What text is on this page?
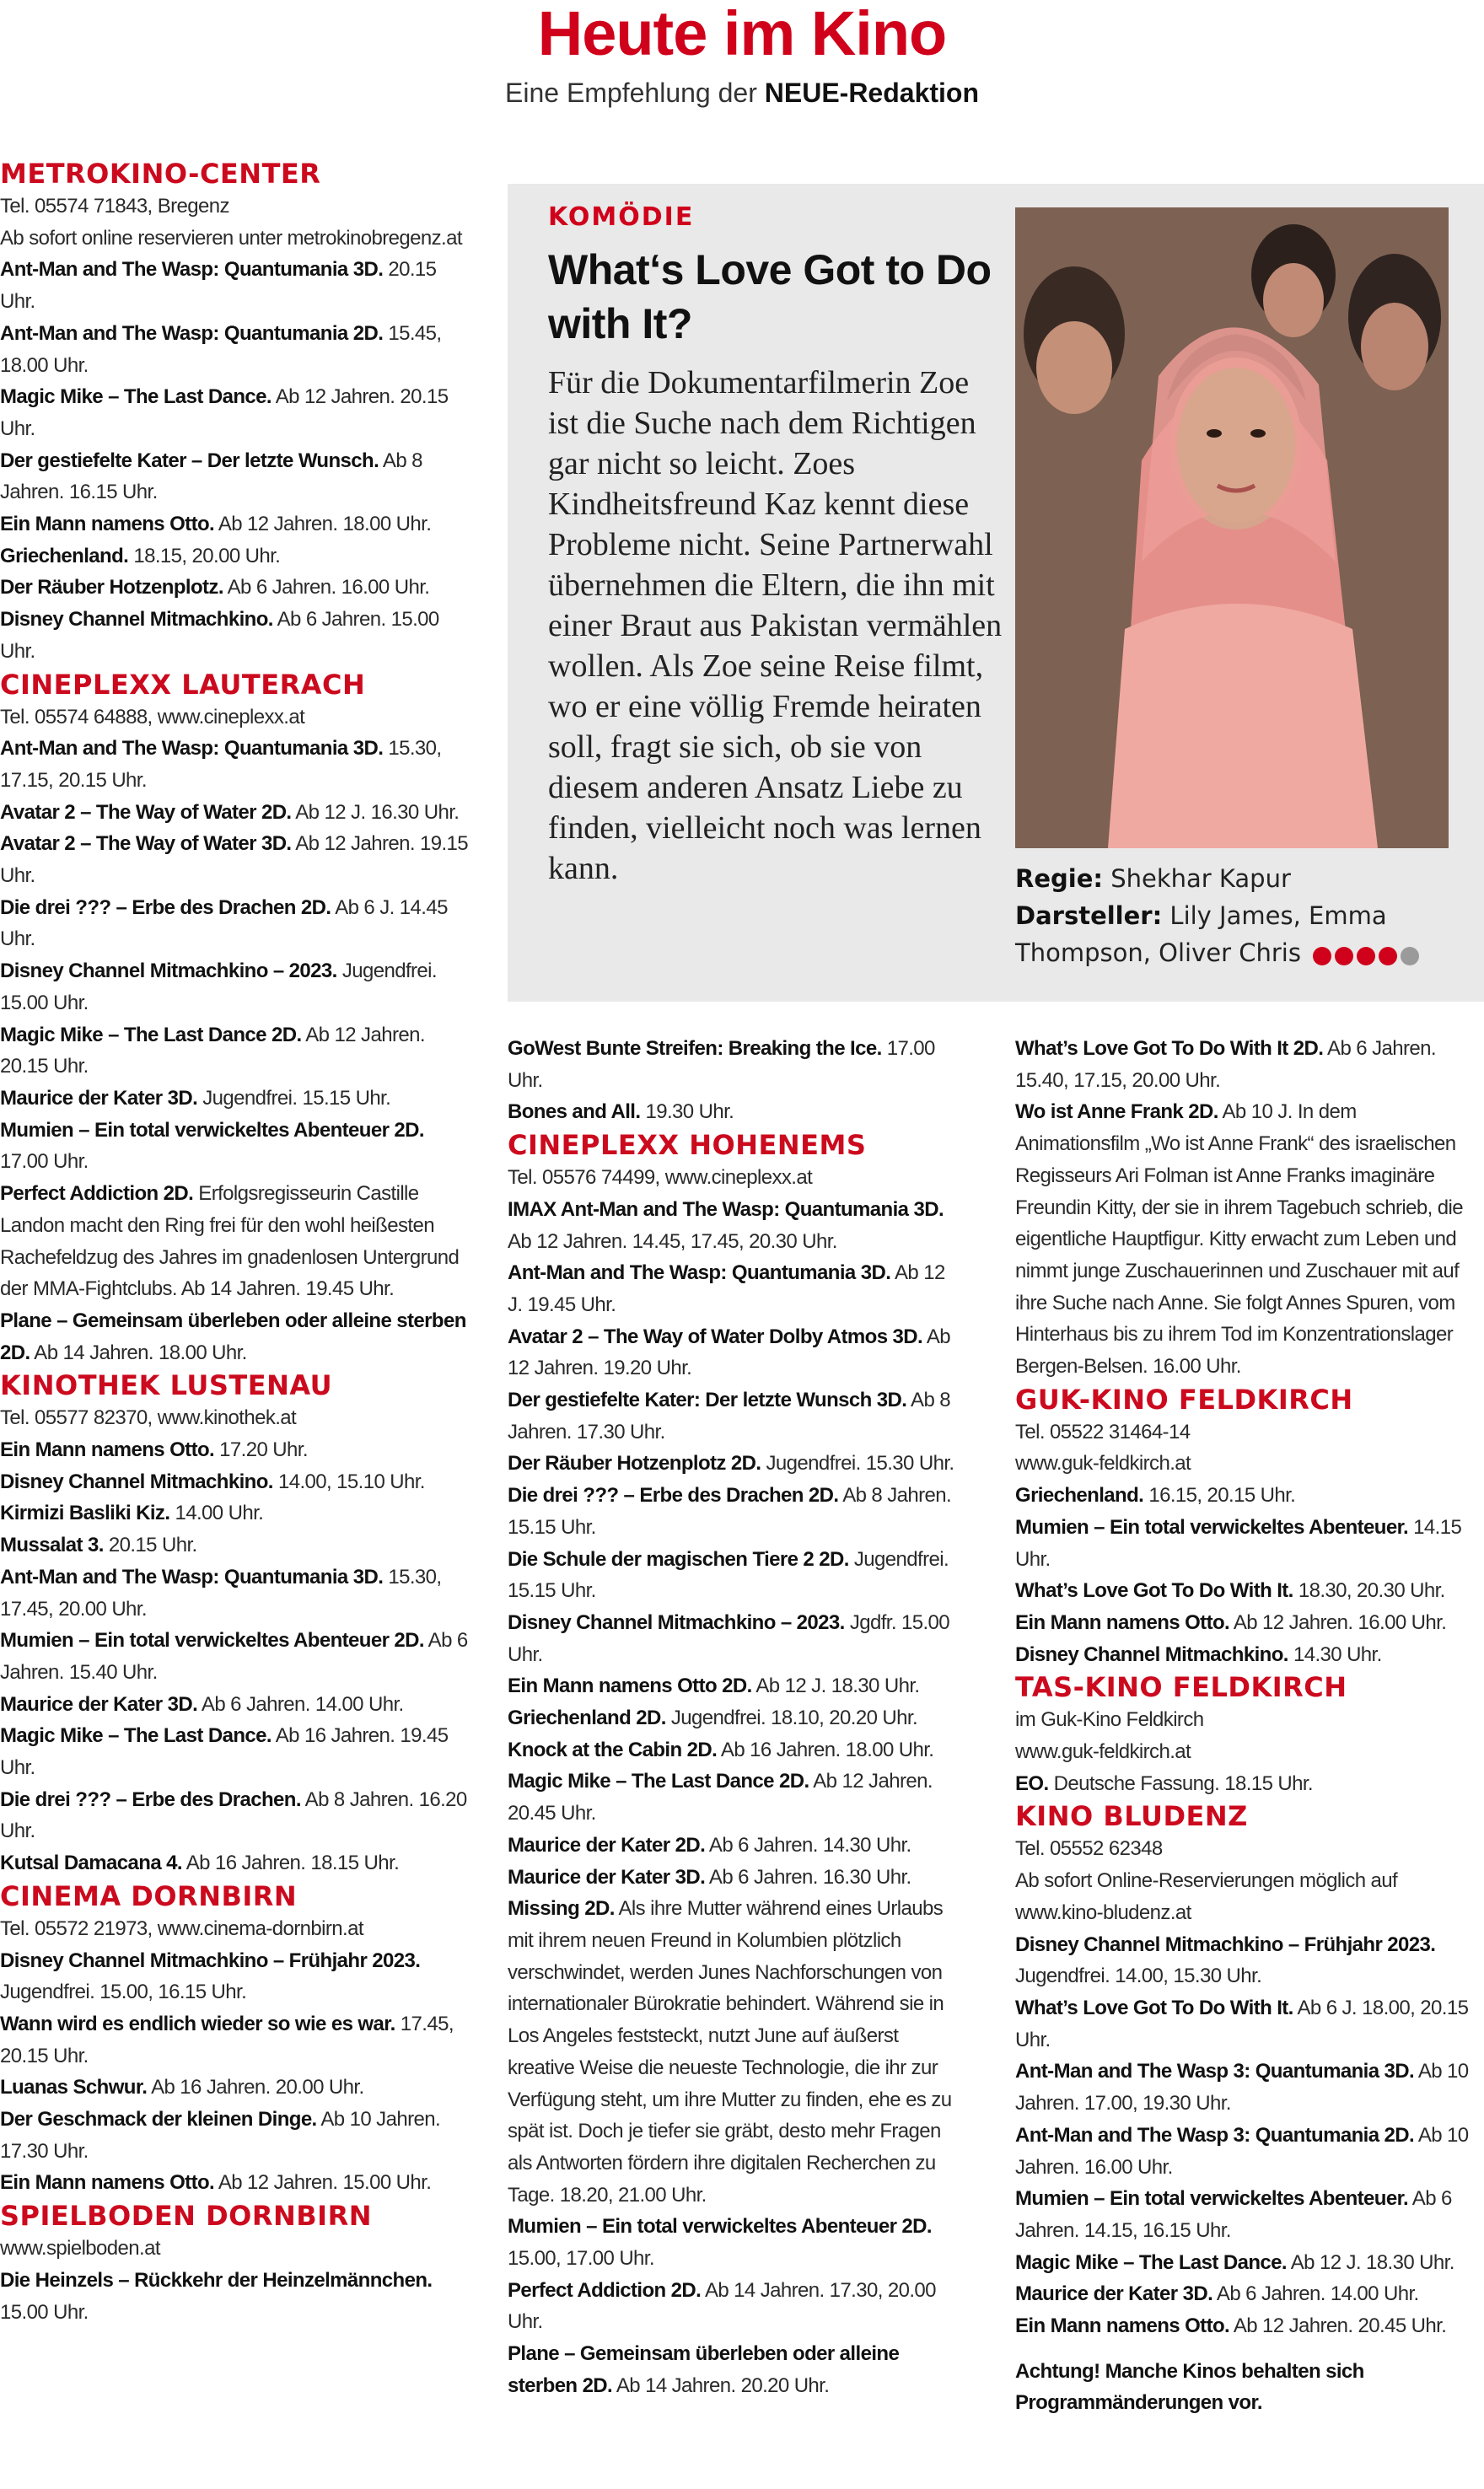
Heute im Kino
Eine Empfehlung der NEUE-Redaktion

METROKINO-CENTER

Tel. 05574 71843, Bregenz

Ab sofort online reservieren unter metrokinobregenz.at

Ant-Man and The Wasp: Quantumania 3D. 20.15 Uhr.

Ant-Man and The Wasp: Quantumania 2D. 15.45, 18.00 Uhr.

Magic Mike – The Last Dance. Ab 12 Jahren. 20.15 Uhr.

Der gestiefelte Kater – Der letzte Wunsch. Ab 8 Jahren. 16.15 Uhr.

Ein Mann namens Otto. Ab 12 Jahren. 18.00 Uhr.

Griechenland. 18.15, 20.00 Uhr.

Der Räuber Hotzenplotz. Ab 6 Jahren. 16.00 Uhr.

Disney Channel Mitmachkino. Ab 6 Jahren. 15.00 Uhr.

CINEPLEXX LAUTERACH

Tel. 05574 64888, www.cineplexx.at

Ant-Man and The Wasp: Quantumania 3D. 15.30, 17.15, 20.15 Uhr.

Avatar 2 – The Way of Water 2D. Ab 12 J. 16.30 Uhr.

Avatar 2 – The Way of Water 3D. Ab 12 Jahren. 19.15 Uhr.

Die drei ??? – Erbe des Drachen 2D. Ab 6 J. 14.45 Uhr.

Disney Channel Mitmachkino – 2023. Jugendfrei. 15.00 Uhr.

Magic Mike – The Last Dance 2D. Ab 12 Jahren. 20.15 Uhr.

Maurice der Kater 3D. Jugendfrei. 15.15 Uhr.

Mumien – Ein total verwickeltes Abenteuer 2D. 17.00 Uhr.

Perfect Addiction 2D. Erfolgsregisseurin Castille Landon macht den Ring frei für den wohl heißesten Rachefeldzug des Jahres im gnadenlosen Untergrund der MMA-Fightclubs. Ab 14 Jahren. 19.45 Uhr.

Plane – Gemeinsam überleben oder alleine sterben 2D. Ab 14 Jahren. 18.00 Uhr.

KINOTHEK LUSTENAU

Tel. 05577 82370, www.kinothek.at

Ein Mann namens Otto. 17.20 Uhr.

Disney Channel Mitmachkino. 14.00, 15.10 Uhr.

Kirmizi Basliki Kiz. 14.00 Uhr.

Mussalat 3. 20.15 Uhr.

Ant-Man and The Wasp: Quantumania 3D. 15.30, 17.45, 20.00 Uhr.

Mumien – Ein total verwickeltes Abenteuer 2D. Ab 6 Jahren. 15.40 Uhr.

Maurice der Kater 3D. Ab 6 Jahren. 14.00 Uhr.

Magic Mike – The Last Dance. Ab 16 Jahren. 19.45 Uhr.

Die drei ??? – Erbe des Drachen. Ab 8 Jahren. 16.20 Uhr.

Kutsal Damacana 4. Ab 16 Jahren. 18.15 Uhr.

CINEMA DORNBIRN

Tel. 05572 21973, www.cinema-dornbirn.at

Disney Channel Mitmachkino – Frühjahr 2023. Jugendfrei. 15.00, 16.15 Uhr.

Wann wird es endlich wieder so wie es war. 17.45, 20.15 Uhr.

Luanas Schwur. Ab 16 Jahren. 20.00 Uhr.

Der Geschmack der kleinen Dinge. Ab 10 Jahren. 17.30 Uhr.

Ein Mann namens Otto. Ab 12 Jahren. 15.00 Uhr.

SPIELBODEN DORNBIRN

www.spielboden.at

Die Heinzels – Rückkehr der Heinzelmännchen. 15.00 Uhr.

KOMÖDIE
What‘s Love Got to Do with It?
Für die Dokumentarfilmerin Zoe ist die Suche nach dem Richtigen gar nicht so leicht. Zoes Kindheitsfreund Kaz kennt diese Probleme nicht. Seine Partnerwahl übernehmen die Eltern, die ihn mit einer Braut aus Pakistan vermählen wollen. Als Zoe seine Reise filmt, wo er eine völlig Fremde heiraten soll, fragt sie sich, ob sie von diesem anderen Ansatz Liebe zu finden, vielleicht noch was lernen kann.	Regie: Shekhar Kapur
Darsteller: Lily James, Emma Thompson, Oliver Chris

GoWest Bunte Streifen: Breaking the Ice. 17.00 Uhr.

Bones and All. 19.30 Uhr.

CINEPLEXX HOHENEMS

Tel. 05576 74499, www.cineplexx.at

IMAX Ant-Man and The Wasp: Quantumania 3D. Ab 12 Jahren. 14.45, 17.45, 20.30 Uhr.

Ant-Man and The Wasp: Quantumania 3D. Ab 12 J. 19.45 Uhr.

Avatar 2 – The Way of Water Dolby Atmos 3D. Ab 12 Jahren. 19.20 Uhr.

Der gestiefelte Kater: Der letzte Wunsch 3D. Ab 8 Jahren. 17.30 Uhr.

Der Räuber Hotzenplotz 2D. Jugendfrei. 15.30 Uhr.

Die drei ??? – Erbe des Drachen 2D. Ab 8 Jahren. 15.15 Uhr.

Die Schule der magischen Tiere 2 2D. Jugendfrei. 15.15 Uhr.

Disney Channel Mitmachkino – 2023. Jgdfr. 15.00 Uhr.

Ein Mann namens Otto 2D. Ab 12 J. 18.30 Uhr.

Griechenland 2D. Jugendfrei. 18.10, 20.20 Uhr.

Knock at the Cabin 2D. Ab 16 Jahren. 18.00 Uhr.

Magic Mike – The Last Dance 2D. Ab 12 Jahren. 20.45 Uhr.

Maurice der Kater 2D. Ab 6 Jahren. 14.30 Uhr.

Maurice der Kater 3D. Ab 6 Jahren. 16.30 Uhr.

Missing 2D. Als ihre Mutter während eines Urlaubs mit ihrem neuen Freund in Kolumbien plötzlich verschwindet, werden Junes Nachforschungen von internationaler Bürokratie behindert. Während sie in Los Angeles feststeckt, nutzt June auf äußerst kreative Weise die neueste Technologie, die ihr zur Verfügung steht, um ihre Mutter zu finden, ehe es zu spät ist. Doch je tiefer sie gräbt, desto mehr Fragen als Antworten fördern ihre digitalen Recherchen zu Tage. 18.20, 21.00 Uhr.

Mumien – Ein total verwickeltes Abenteuer 2D. 15.00, 17.00 Uhr.

Perfect Addiction 2D. Ab 14 Jahren. 17.30, 20.00 Uhr.

Plane – Gemeinsam überleben oder alleine sterben 2D. Ab 14 Jahren. 20.20 Uhr.

What’s Love Got To Do With It 2D. Ab 6 Jahren. 15.40, 17.15, 20.00 Uhr.

Wo ist Anne Frank 2D. Ab 10 J. In dem Animationsfilm „Wo ist Anne Frank“ des israelischen Regisseurs Ari Folman ist Anne Franks imaginäre Freundin Kitty, der sie in ihrem Tagebuch schrieb, die eigentliche Hauptfigur. Kitty erwacht zum Leben und nimmt junge Zuschauerinnen und Zuschauer mit auf ihre Suche nach Anne. Sie folgt Annes Spuren, vom Hinterhaus bis zu ihrem Tod im Konzentrationslager Bergen-Belsen. 16.00 Uhr.

GUK-KINO FELDKIRCH

Tel. 05522 31464-14

www.guk-feldkirch.at

Griechenland. 16.15, 20.15 Uhr.

Mumien – Ein total verwickeltes Abenteuer. 14.15 Uhr.

What’s Love Got To Do With It. 18.30, 20.30 Uhr.

Ein Mann namens Otto. Ab 12 Jahren. 16.00 Uhr.

Disney Channel Mitmachkino. 14.30 Uhr.

TAS-KINO FELDKIRCH

im Guk-Kino Feldkirch

www.guk-feldkirch.at

EO. Deutsche Fassung. 18.15 Uhr.

KINO BLUDENZ

Tel. 05552 62348

Ab sofort Online-Reservierungen möglich auf www.kino-bludenz.at

Disney Channel Mitmachkino – Frühjahr 2023. Jugendfrei. 14.00, 15.30 Uhr.

What’s Love Got To Do With It. Ab 6 J. 18.00, 20.15 Uhr.

Ant-Man and The Wasp 3: Quantumania 3D. Ab 10 Jahren. 17.00, 19.30 Uhr.

Ant-Man and The Wasp 3: Quantumania 2D. Ab 10 Jahren. 16.00 Uhr.

Mumien – Ein total verwickeltes Abenteuer. Ab 6 Jahren. 14.15, 16.15 Uhr.

Magic Mike – The Last Dance. Ab 12 J. 18.30 Uhr.

Maurice der Kater 3D. Ab 6 Jahren. 14.00 Uhr.

Ein Mann namens Otto. Ab 12 Jahren. 20.45 Uhr.

Achtung! Manche Kinos behalten sich Programmänderungen vor.
